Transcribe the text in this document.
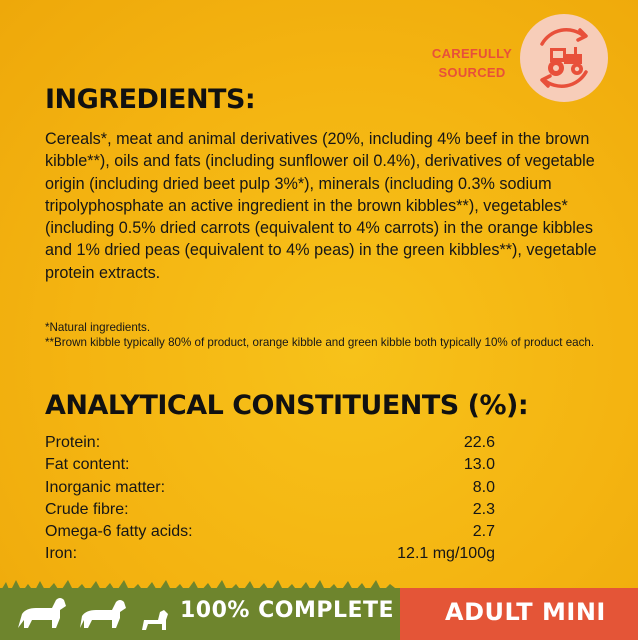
CAREFULLY
SOURCED
INGREDIENTS:

Cereals*, meat and animal derivatives (20%, including 4% beef in the brown kibble**), oils and fats (including sunflower oil 0.4%), derivatives of vegetable origin (including dried beet pulp 3%*), minerals (including 0.3% sodium tripolyphosphate an active ingredient in the brown kibbles**), vegetables* (including 0.5% dried carrots (equivalent to 4% carrots) in the orange kibbles and 1% dried peas (equivalent to 4% peas) in the green kibbles**), vegetable protein extracts.

*Natural ingredients.

**Brown kibble typically 80% of product, orange kibble and green kibble both typically 10% of product each.

ANALYTICAL CONSTITUENTS (%):
Protein:	22.6
Fat content:	13.0
Inorganic matter:	8.0
Crude fibre:	2.3
Omega-6 fatty acids:	2.7
Iron:	12.1 mg/100g
100% COMPLETE ADULT MINI
